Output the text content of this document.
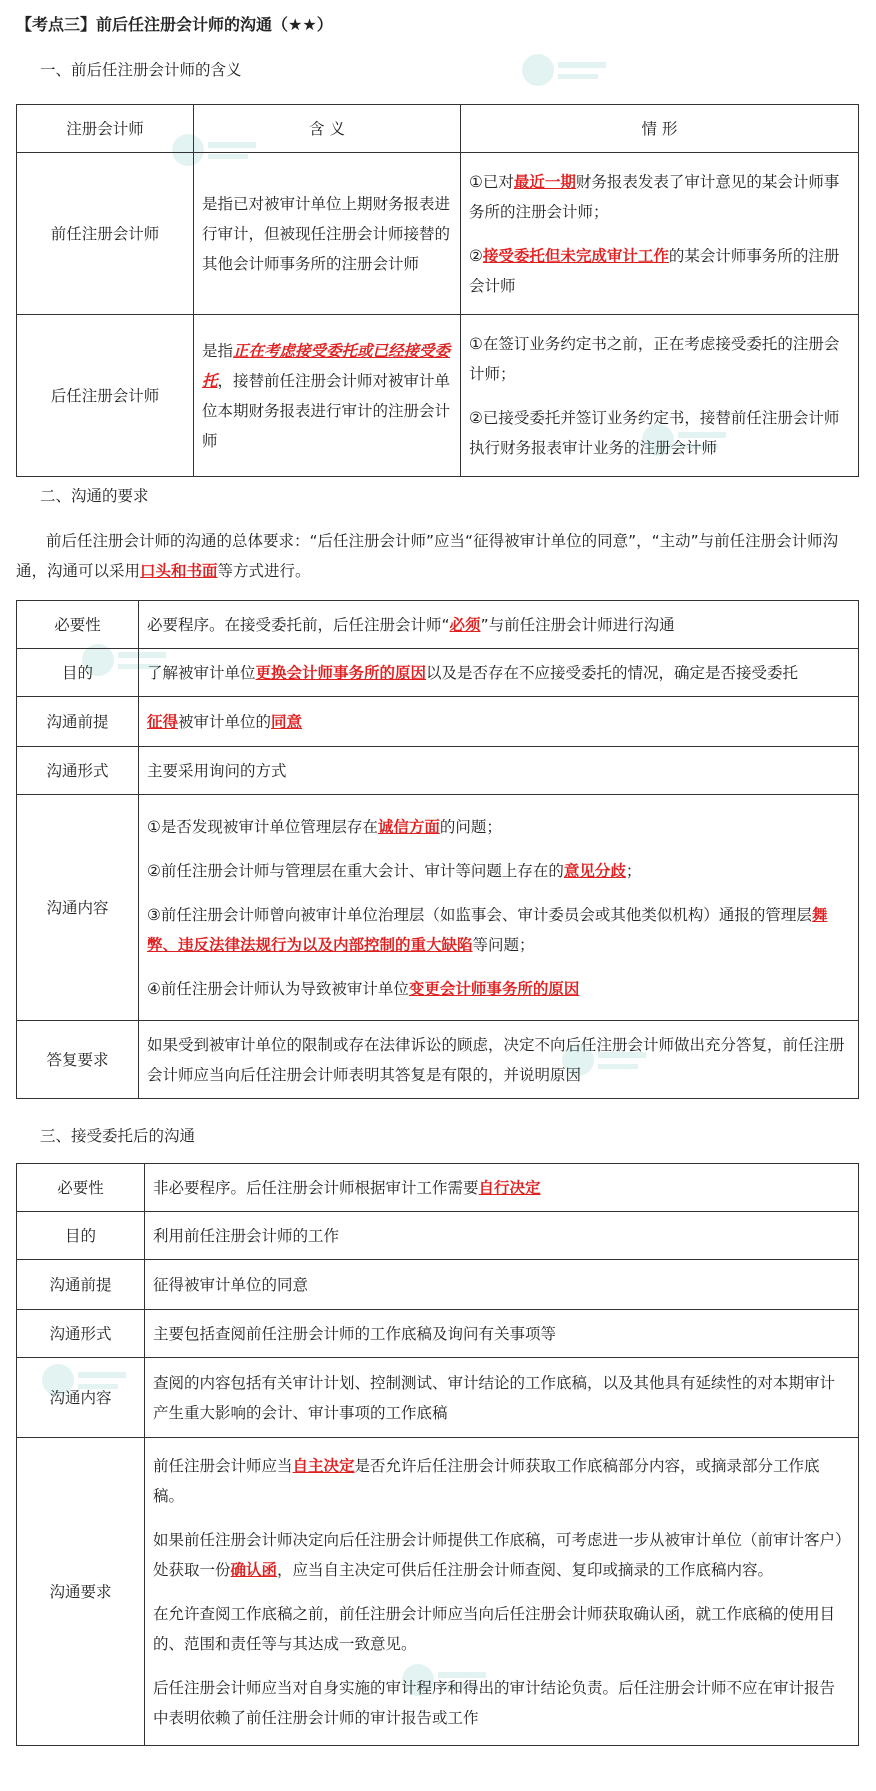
【考点三】前后任注册会计师的沟通（★★）
一、前后任注册会计师的含义
注册会计师	含 义	情 形
前任注册会计师	是指已对被审计单位上期财务报表进行审计，但被现任注册会计师接替的其他会计师事务所的注册会计师	①已对最近一期财务报表发表了审计意见的某会计师事务所的注册会计师；

②接受委托但未完成审计工作的某会计师事务所的注册会计师

后任注册会计师	是指正在考虑接受委托或已经接受委托，接替前任注册会计师对被审计单位本期财务报表进行审计的注册会计师	①在签订业务约定书之前，正在考虑接受委托的注册会计师；

②已接受委托并签订业务约定书，接替前任注册会计师执行财务报表审计业务的注册会计师

二、沟通的要求
前后任注册会计师的沟通的总体要求：“后任注册会计师”应当“征得被审计单位的同意”，“主动”与前任注册会计师沟通，沟通可以采用口头和书面等方式进行。
必要性	必要程序。在接受委托前，后任注册会计师“必须”与前任注册会计师进行沟通
目的	了解被审计单位更换会计师事务所的原因以及是否存在不应接受委托的情况，确定是否接受委托
沟通前提	征得被审计单位的同意
沟通形式	主要采用询问的方式
沟通内容	①是否发现被审计单位管理层存在诚信方面的问题；

②前任注册会计师与管理层在重大会计、审计等问题上存在的意见分歧；

③前任注册会计师曾向被审计单位治理层（如监事会、审计委员会或其他类似机构）通报的管理层舞弊、违反法律法规行为以及内部控制的重大缺陷等问题；

④前任注册会计师认为导致被审计单位变更会计师事务所的原因

答复要求	如果受到被审计单位的限制或存在法律诉讼的顾虑，决定不向后任注册会计师做出充分答复，前任注册会计师应当向后任注册会计师表明其答复是有限的，并说明原因
三、接受委托后的沟通
必要性	非必要程序。后任注册会计师根据审计工作需要自行决定
目的	利用前任注册会计师的工作
沟通前提	征得被审计单位的同意
沟通形式	主要包括查阅前任注册会计师的工作底稿及询问有关事项等
沟通内容	查阅的内容包括有关审计计划、控制测试、审计结论的工作底稿，以及其他具有延续性的对本期审计产生重大影响的会计、审计事项的工作底稿
沟通要求	前任注册会计师应当自主决定是否允许后任注册会计师获取工作底稿部分内容，或摘录部分工作底稿。

如果前任注册会计师决定向后任注册会计师提供工作底稿，可考虑进一步从被审计单位（前审计客户）处获取一份确认函，应当自主决定可供后任注册会计师查阅、复印或摘录的工作底稿内容。

在允许查阅工作底稿之前，前任注册会计师应当向后任注册会计师获取确认函，就工作底稿的使用目的、范围和责任等与其达成一致意见。

后任注册会计师应当对自身实施的审计程序和得出的审计结论负责。后任注册会计师不应在审计报告中表明依赖了前任注册会计师的审计报告或工作
